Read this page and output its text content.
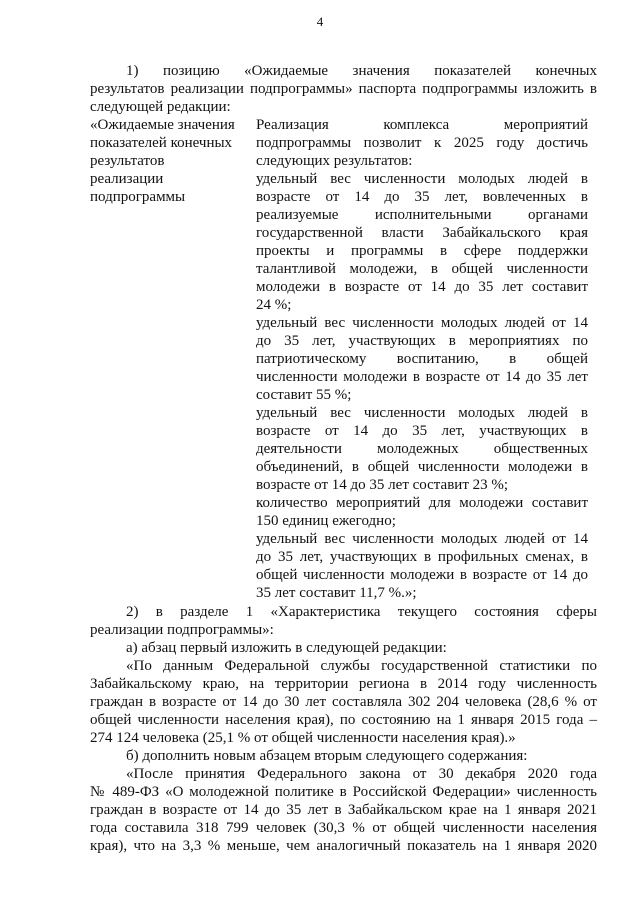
4

1) позицию «Ожидаемые значения показателей конечных

результатов реализации подпрограммы» паспорта подпрограммы изложить в

следующей редакции:

«Ожидаемые значения

показателей конечных

результатов

реализации

подпрограммы

Реализация комплекса мероприятий

подпрограммы позволит к 2025 году достичь

следующих результатов:

удельный вес численности молодых людей в

возрасте от 14 до 35 лет, вовлеченных в

реализуемые исполнительными органами

государственной власти Забайкальского края

проекты и программы в сфере поддержки

талантливой молодежи, в общей численности

молодежи в возрасте от 14 до 35 лет составит

24 %;

удельный вес численности молодых людей от 14

до 35 лет, участвующих в мероприятиях по

патриотическому воспитанию, в общей

численности молодежи в возрасте от 14 до 35 лет

составит 55 %;

удельный вес численности молодых людей в

возрасте от 14 до 35 лет, участвующих в

деятельности молодежных общественных

объединений, в общей численности молодежи в

возрасте от 14 до 35 лет составит 23 %;

количество мероприятий для молодежи составит

150 единиц ежегодно;

удельный вес численности молодых людей от 14

до 35 лет, участвующих в профильных сменах, в

общей численности молодежи в возрасте от 14 до

35 лет составит 11,7 %.»;

2) в разделе 1 «Характеристика текущего состояния сферы

реализации подпрограммы»:

а) абзац первый изложить в следующей редакции:

«По данным Федеральной службы государственной статистики по

Забайкальскому краю, на территории региона в 2014 году численность

граждан в возрасте от 14 до 30 лет составляла 302 204 человека (28,6 % от

общей численности населения края), по состоянию на 1 января 2015 года –

274 124 человека (25,1 % от общей численности населения края).»

б) дополнить новым абзацем вторым следующего содержания:

«После принятия Федерального закона от 30 декабря 2020 года

№ 489-ФЗ «О молодежной политике в Российской Федерации» численность

граждан в возрасте от 14 до 35 лет в Забайкальском крае на 1 января 2021

года составила 318 799 человек (30,3 % от общей численности населения

края), что на 3,3 % меньше, чем аналогичный показатель на 1 января 2020
